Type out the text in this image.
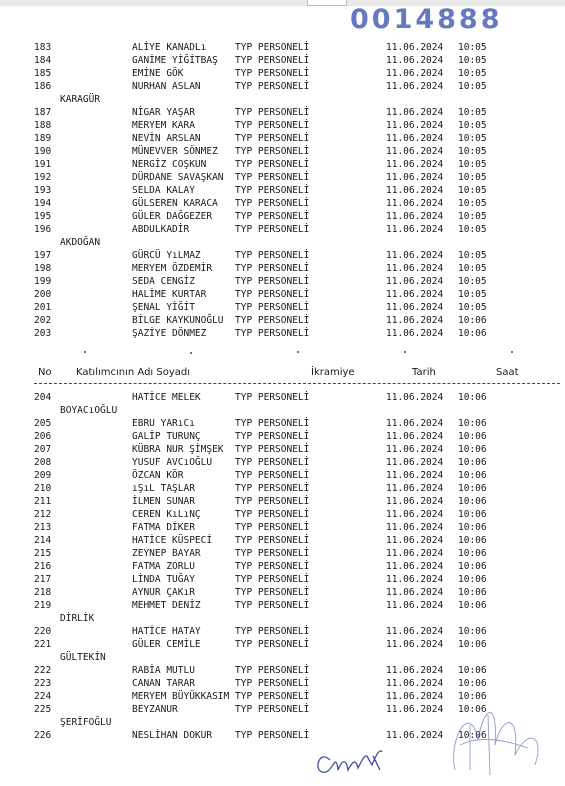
0014888
No Katılımcının Adı Soyadı	İkramiye	Tarih	Saat
183	ALİYE KANADLı	TYP PERSONELİ	11.06.2024 10:05
184	GANİME YİĞİTBAŞ TYP PERSONELİ	11.06.2024 10:05
185	EMİNE GÖK	TYP PERSONELİ	11.06.2024 10:05
186	NURHAN ASLAN	TYP PERSONELİ	11.06.2024 10:05
KARAGÜR
187	NİGAR YAŞAR	TYP PERSONELİ	11.06.2024 10:05
188	MERYEM KARA	TYP PERSONELİ	11.06.2024 10:05
189	NEVİN ARSLAN	TYP PERSONELİ	11.06.2024 10:05
190	MÜNEVVER SÖNMEZ TYP PERSONELİ	11.06.2024 10:05
191	NERGİZ COŞKUN	TYP PERSONELİ	11.06.2024 10:05
192	DÜRDANE SAVAŞKAN TYP PERSONELİ	11.06.2024 10:05
193	SELDA KALAY	TYP PERSONELİ	11.06.2024 10:05
194	GÜLSEREN KARACA TYP PERSONELİ	11.06.2024 10:05
195	GÜLER DAĞGEZER TYP PERSONELİ	11.06.2024 10:05
196	ABDULKADİR	TYP PERSONELİ	11.06.2024 10:05
AKDOĞAN
197	GÜRCÜ YıLMAZ	TYP PERSONELİ	11.06.2024 10:05
198	MERYEM ÖZDEMİR TYP PERSONELİ	11.06.2024 10:05
199	SEDA CENGİZ	TYP PERSONELİ	11.06.2024 10:05
200	HALİME KURTAR	TYP PERSONELİ	11.06.2024 10:05
201	ŞENAL YİĞİT	TYP PERSONELİ	11.06.2024 10:05
202	BİLGE KAYKUNOĞLU TYP PERSONELİ	11.06.2024 10:06
203	ŞAZİYE DÖNMEZ	TYP PERSONELİ	11.06.2024 10:06
204	HATİCE MELEK	TYP PERSONELİ	11.06.2024 10:06
BOYACıOĞLU
205	EBRU YARıCı	TYP PERSONELİ	11.06.2024 10:06
206	GALİP TURUNÇ	TYP PERSONELİ	11.06.2024 10:06
207	KÜBRA NUR ŞİMŞEK TYP PERSONELİ	11.06.2024 10:06
208	YUSUF AVCıOĞLU TYP PERSONELİ	11.06.2024 10:06
209	ÖZCAN KÖR	TYP PERSONELİ	11.06.2024 10:06
210	ıŞıL TAŞLAR	TYP PERSONELİ	11.06.2024 10:06
211	İLMEN SUNAR	TYP PERSONELİ	11.06.2024 10:06
212	CEREN KıLıNÇ	TYP PERSONELİ	11.06.2024 10:06
213	FATMA DİKER	TYP PERSONELİ	11.06.2024 10:06
214	HATİCE KÜSPECİ TYP PERSONELİ	11.06.2024 10:06
215	ZEYNEP BAYAR	TYP PERSONELİ	11.06.2024 10:06
216	FATMA ZORLU	TYP PERSONELİ	11.06.2024 10:06
217	LİNDA TUĞAY	TYP PERSONELİ	11.06.2024 10:06
218	AYNUR ÇAKıR	TYP PERSONELİ	11.06.2024 10:06
219	MEHMET DENİZ	TYP PERSONELİ	11.06.2024 10:06
DİRLİK
220	HATİCE HATAY	TYP PERSONELİ	11.06.2024 10:06
221	GÜLER CEMİLE	TYP PERSONELİ	11.06.2024 10:06
GÜLTEKİN
222	RABİA MUTLU	TYP PERSONELİ	11.06.2024 10:06
223	CANAN TARAR	TYP PERSONELİ	11.06.2024 10:06
224	MERYEM BÜYÜKKASIM TYP PERSONELİ	11.06.2024 10:06
225	BEYZANUR	TYP PERSONELİ	11.06.2024 10:06
ŞERİFOĞLU
226	NESLİHAN DOKUR TYP PERSONELİ	11.06.2024 10:06
